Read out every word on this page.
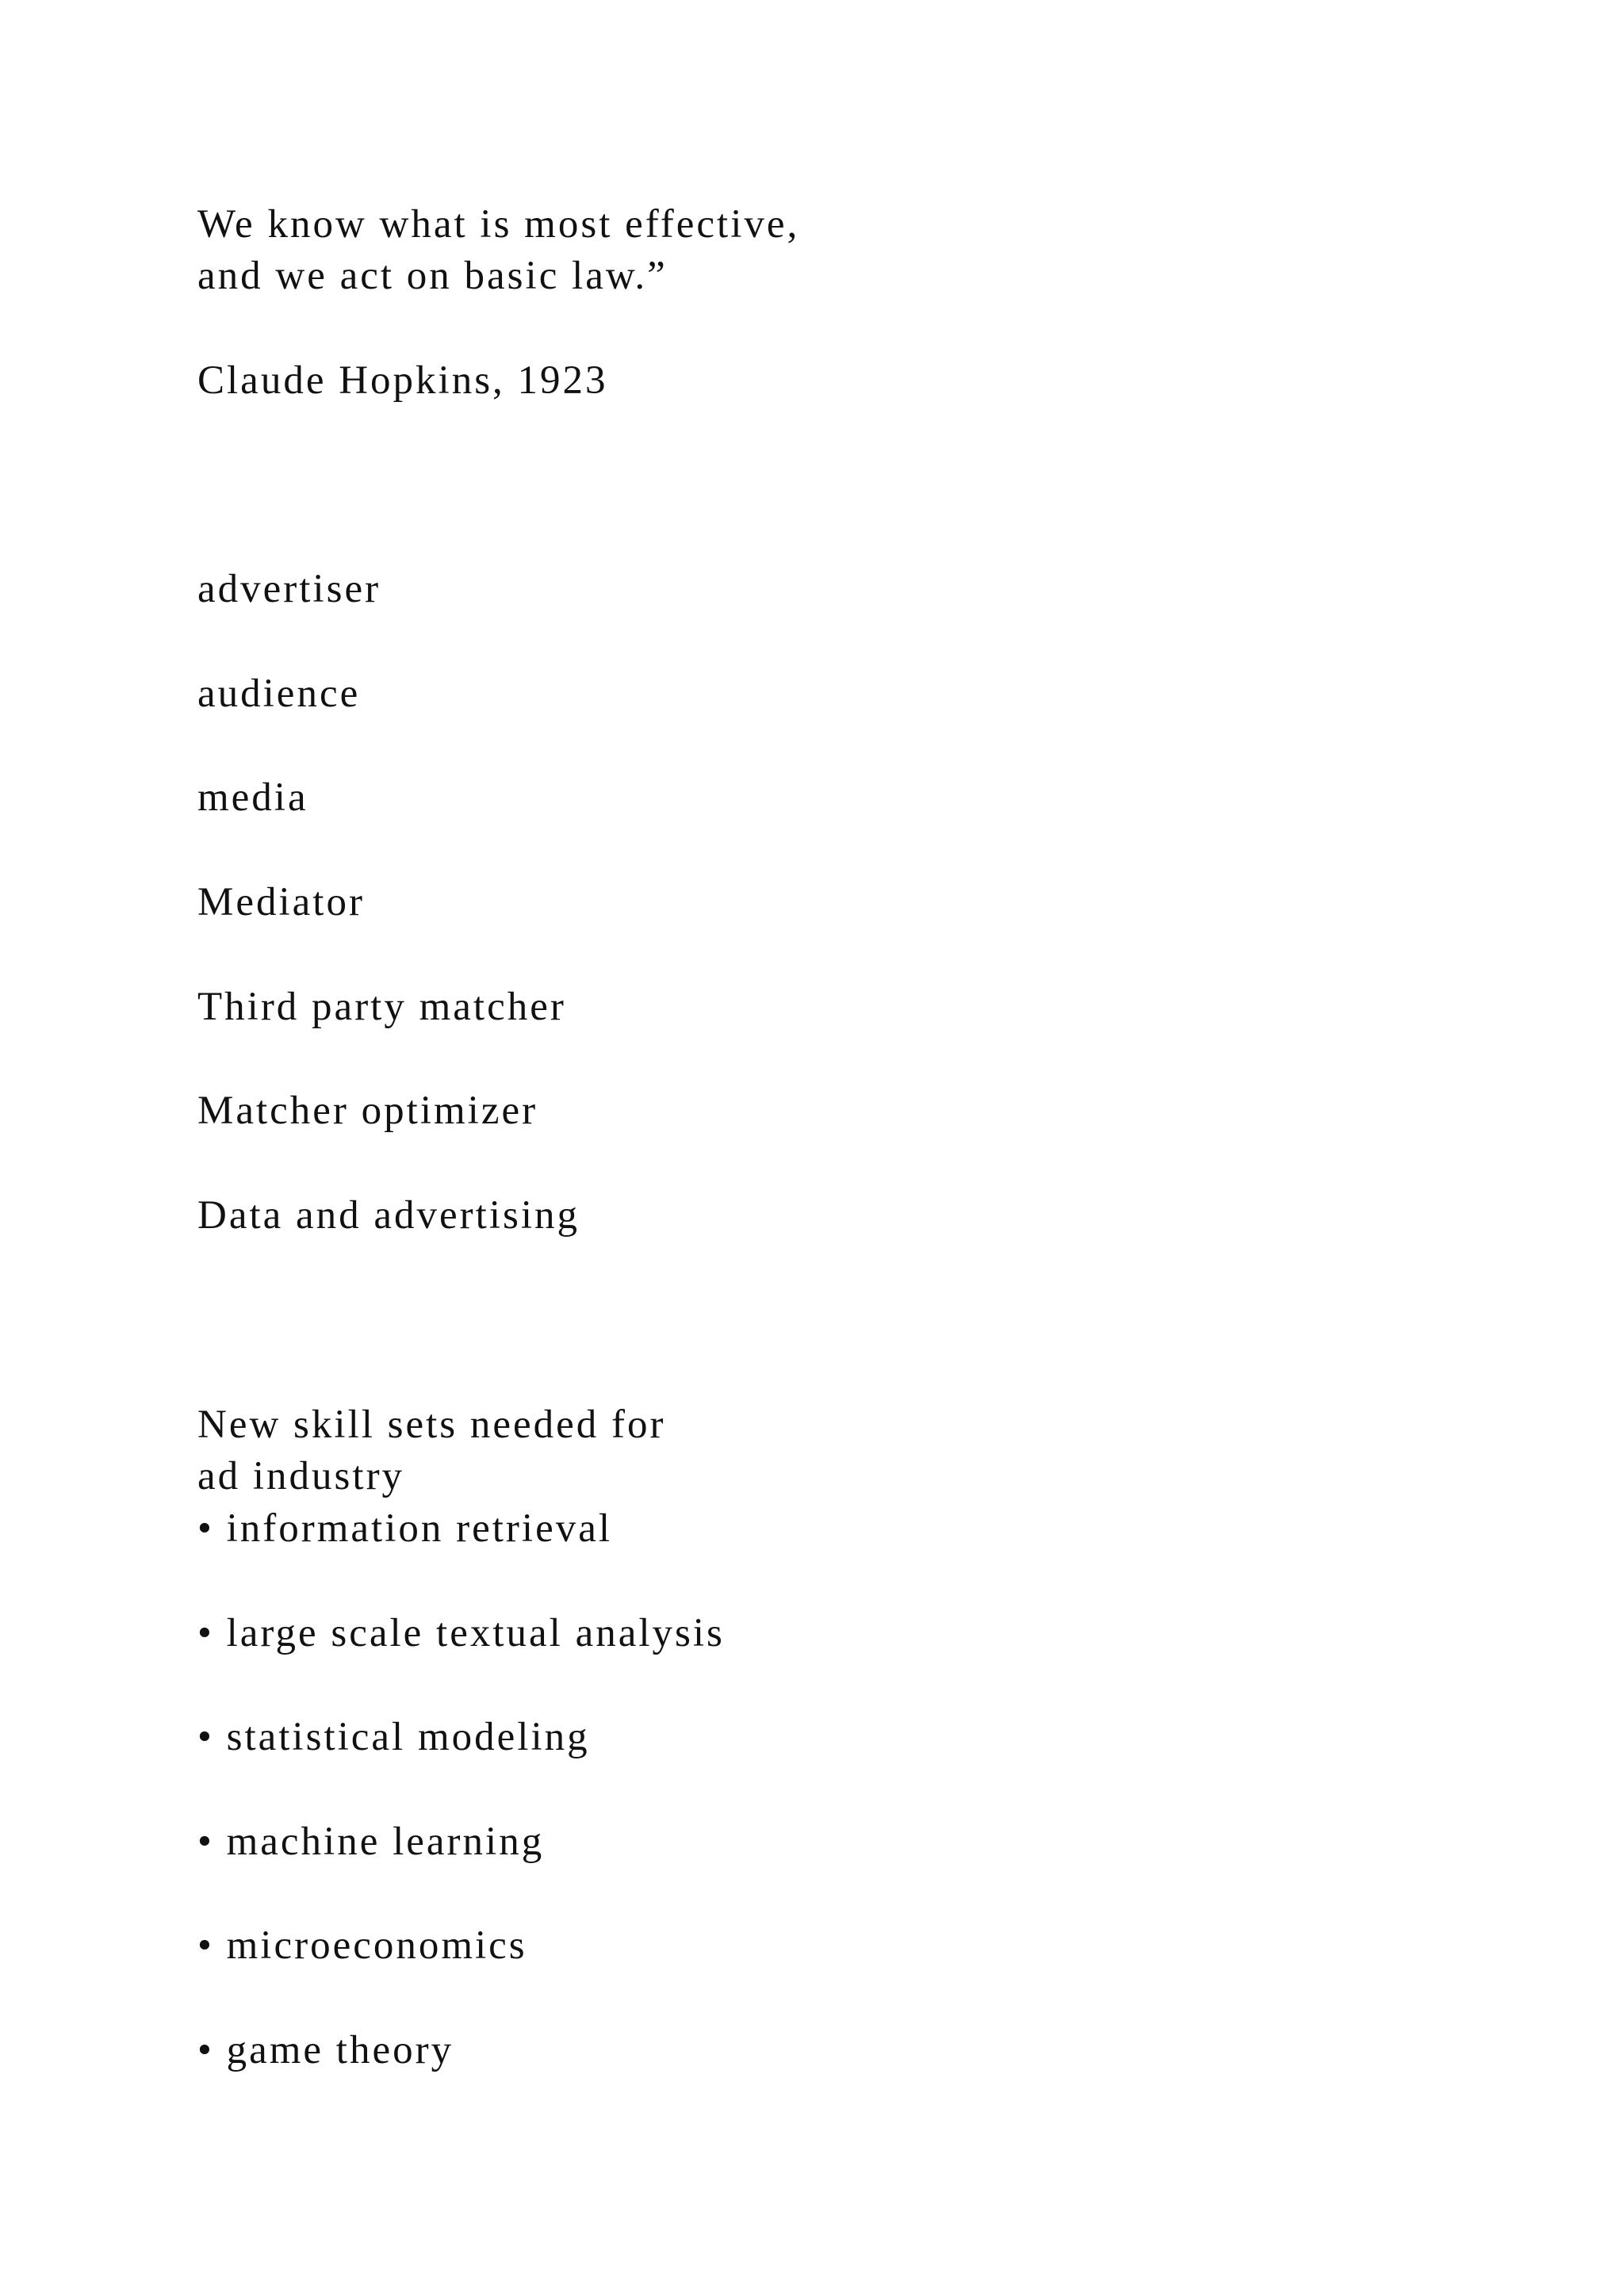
We know what is most effective,

and we act on basic law.”

Claude Hopkins, 1923

advertiser

audience

media

Mediator

Third party matcher

Matcher optimizer

Data and advertising

New skill sets needed for

ad industry

• information retrieval

• large scale textual analysis

• statistical modeling

• machine learning

• microeconomics

• game theory
